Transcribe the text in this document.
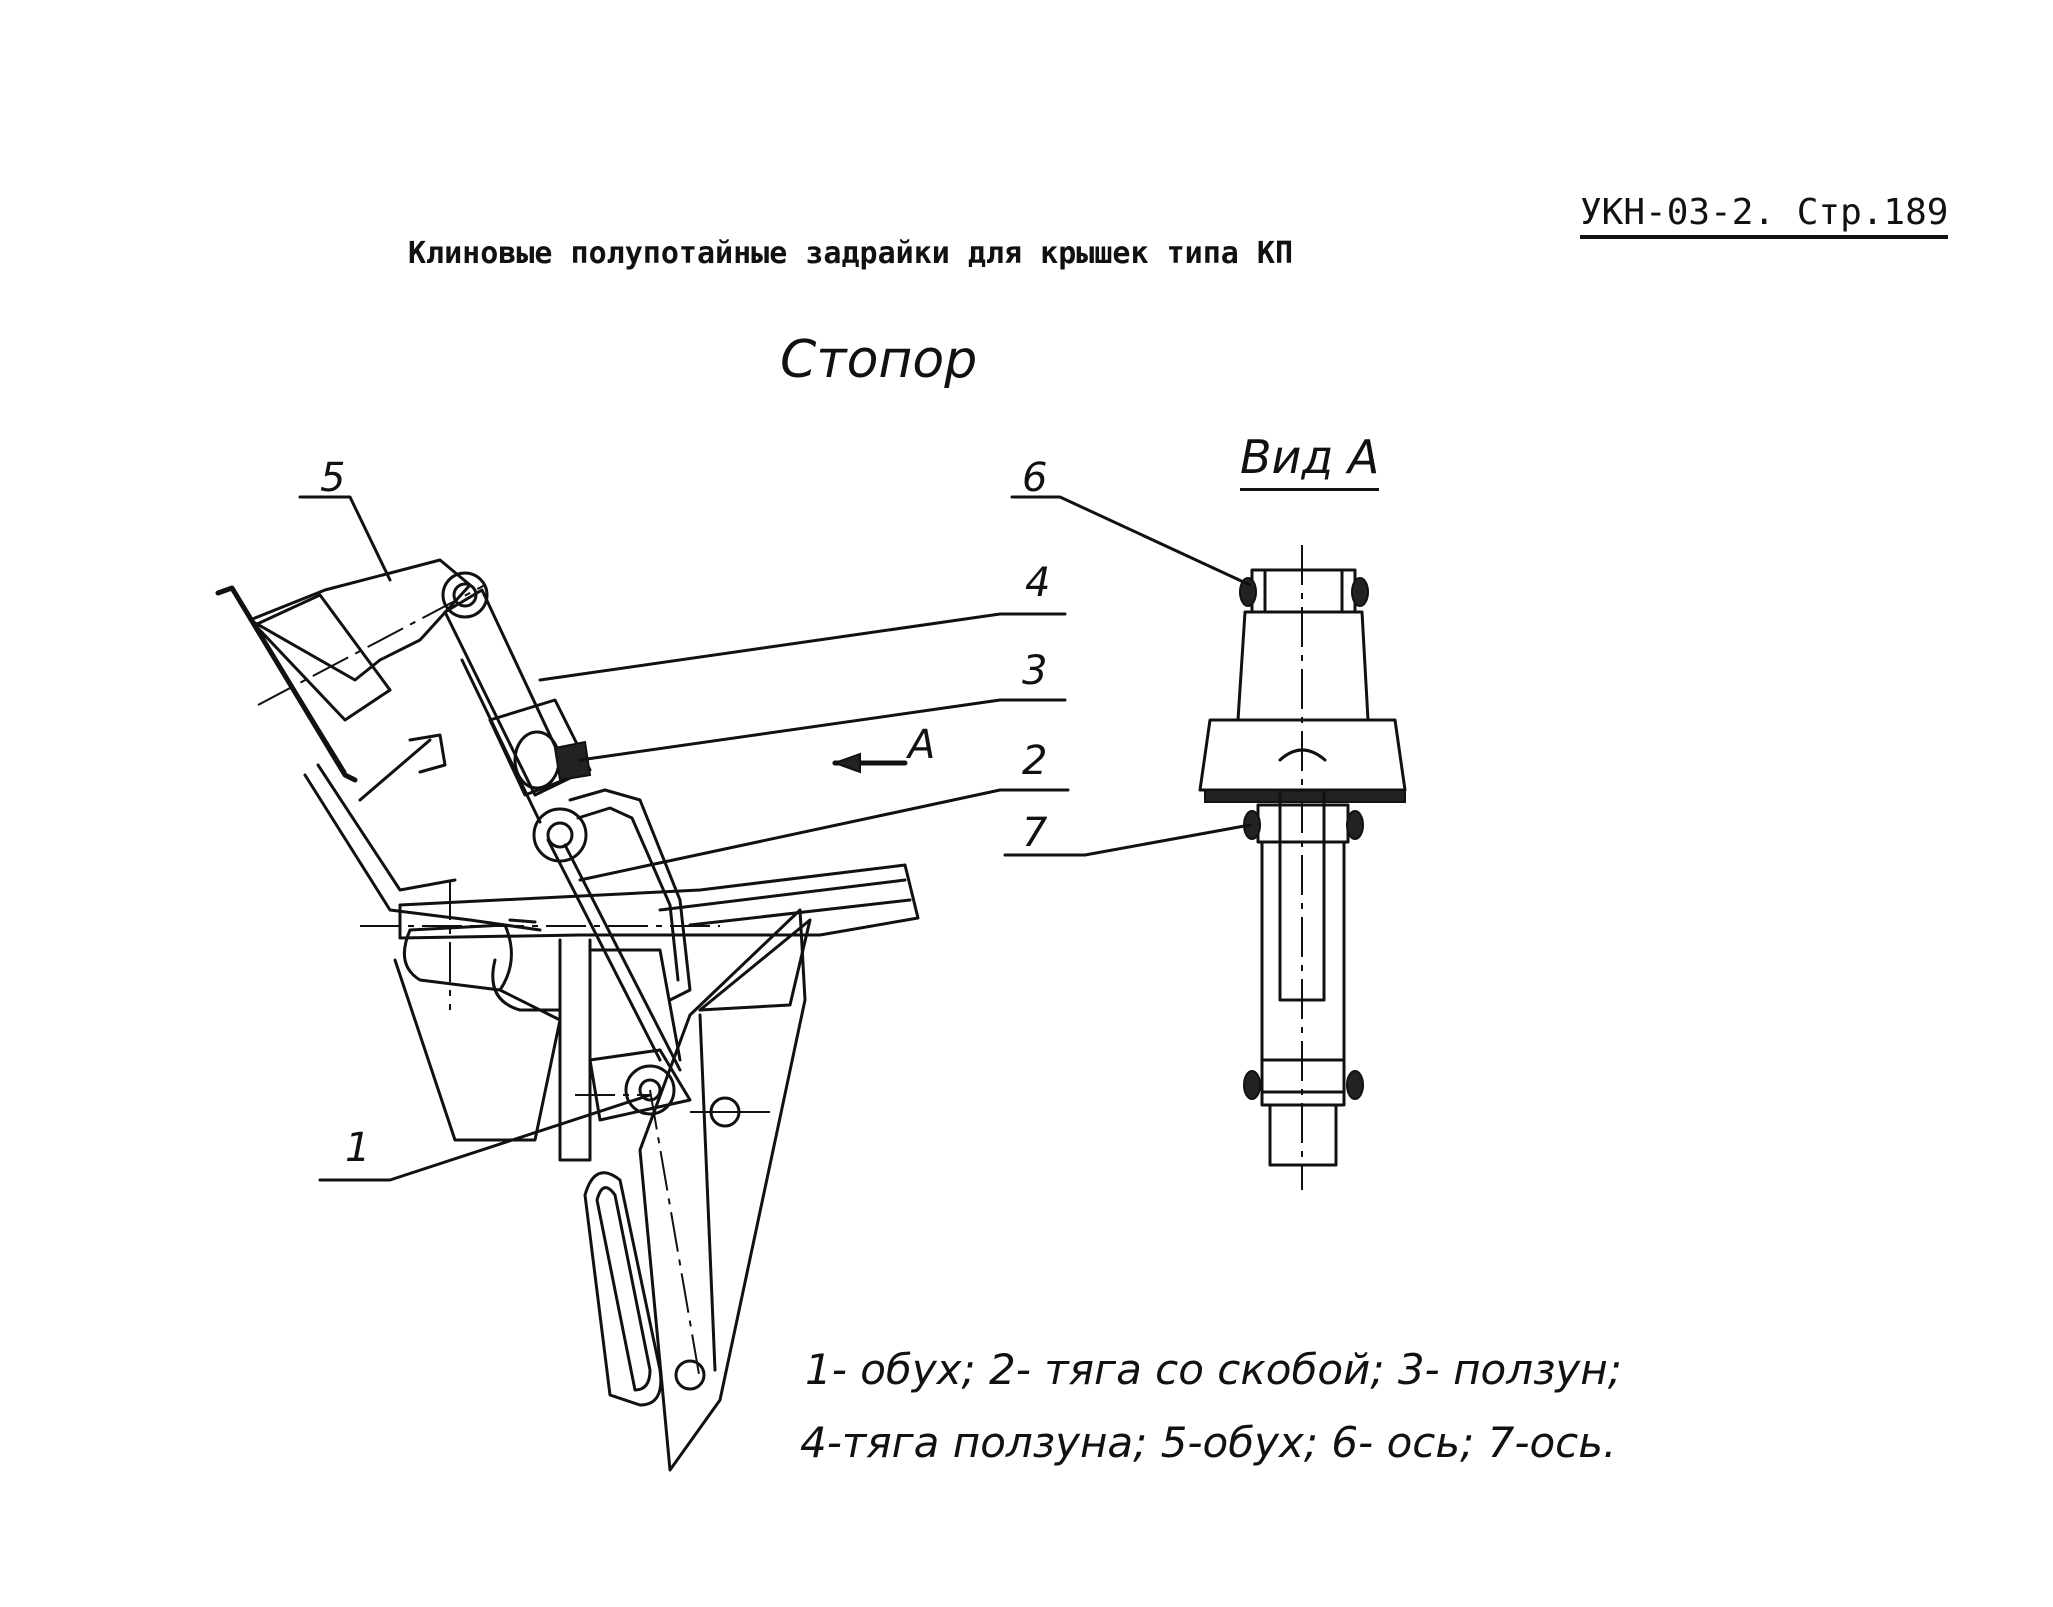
УКН-03-2. Стр.189
Клиновые полупотайные задрайки для крышек типа КП
Стопор
Вид А
5
4
3
2
1
6
7
А
1- обух; 2- тяга со скобой; 3- ползун;
4-тяга ползуна; 5-обух; 6- ось; 7-ось.
